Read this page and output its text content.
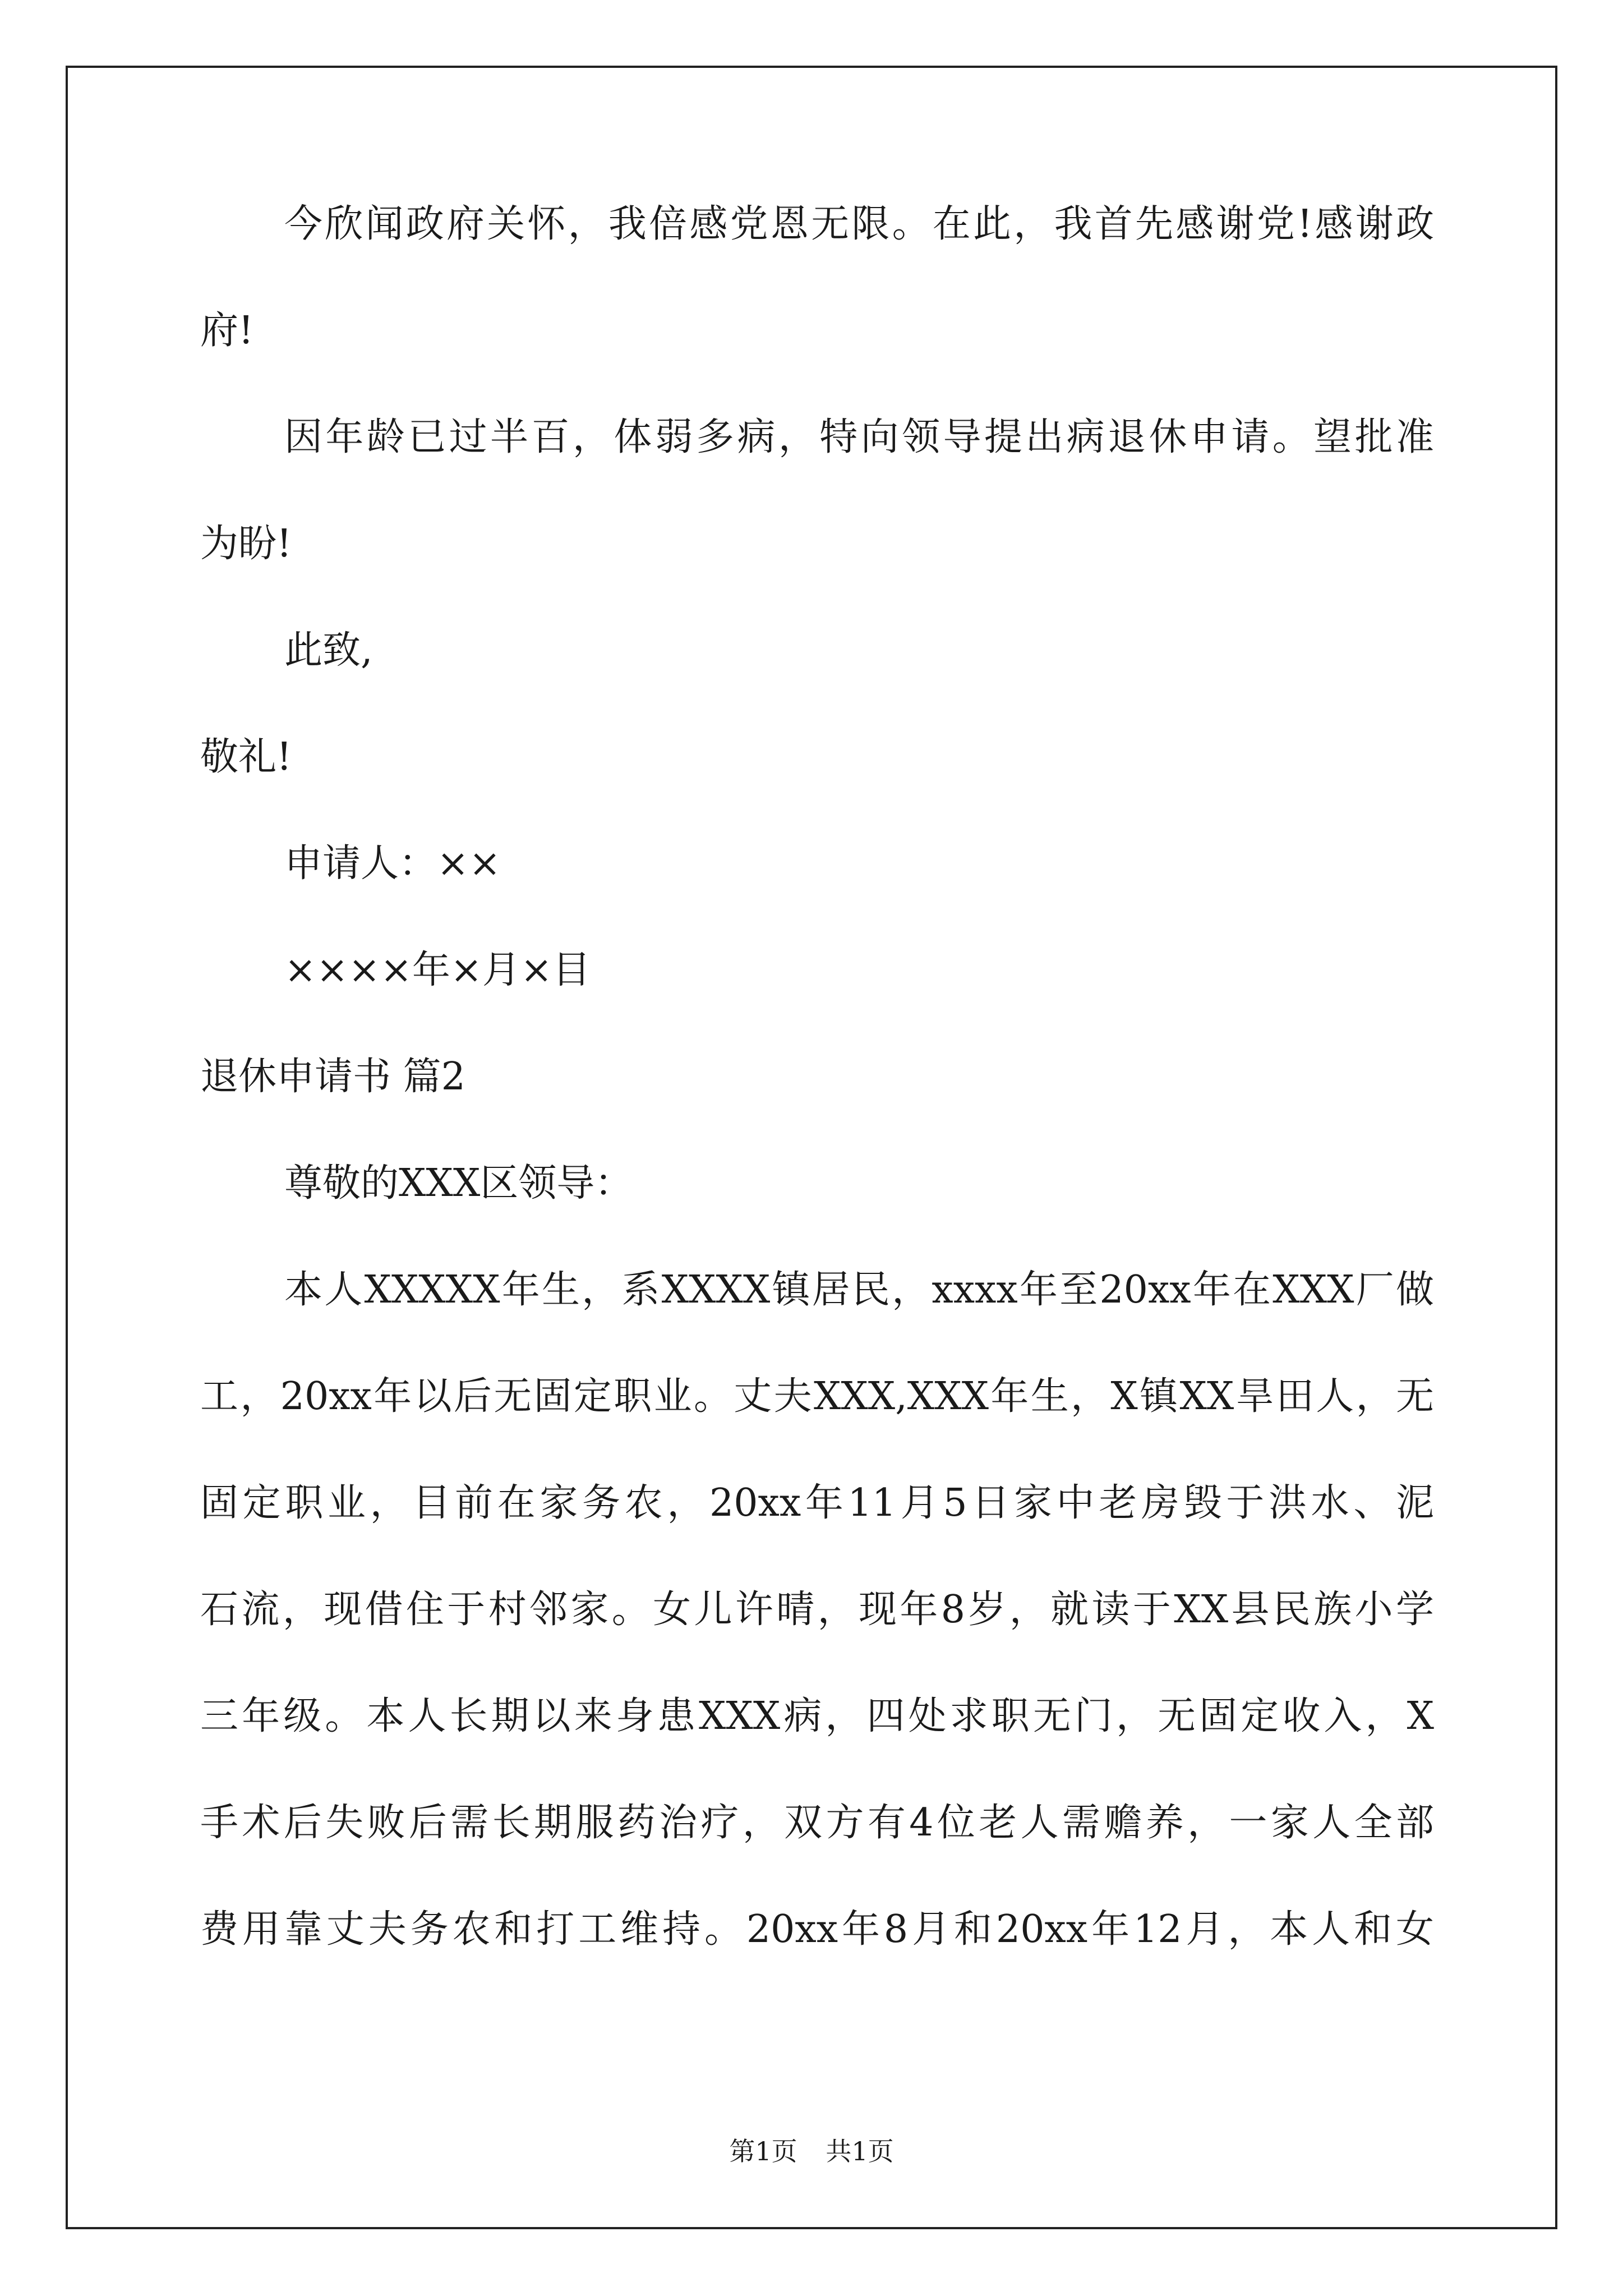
今欣闻政府关怀，我倍感党恩无限。在此，我首先感谢党!感谢政
府!
因年龄已过半百，体弱多病，特向领导提出病退休申请。望批准
为盼!
此致,
敬礼!
申请人：××
××××年×月×目
退休申请书 篇2
尊敬的XXX区领导：
本人XXXXX年生，系XXXX镇居民，xxxx年至20xx年在XXX厂做
工，20xx年以后无固定职业。丈夫XXX,XXX年生，X镇XX旱田人，无
固定职业，目前在家务农，20xx年11月5日家中老房毁于洪水、泥
石流，现借住于村邻家。女儿许晴，现年8岁，就读于XX县民族小学
三年级。本人长期以来身患XXX病，四处求职无门，无固定收入，X
手术后失败后需长期服药治疗，双方有4位老人需赡养，一家人全部
费用靠丈夫务农和打工维持。20xx年8月和20xx年12月，本人和女
第1页 共1页
